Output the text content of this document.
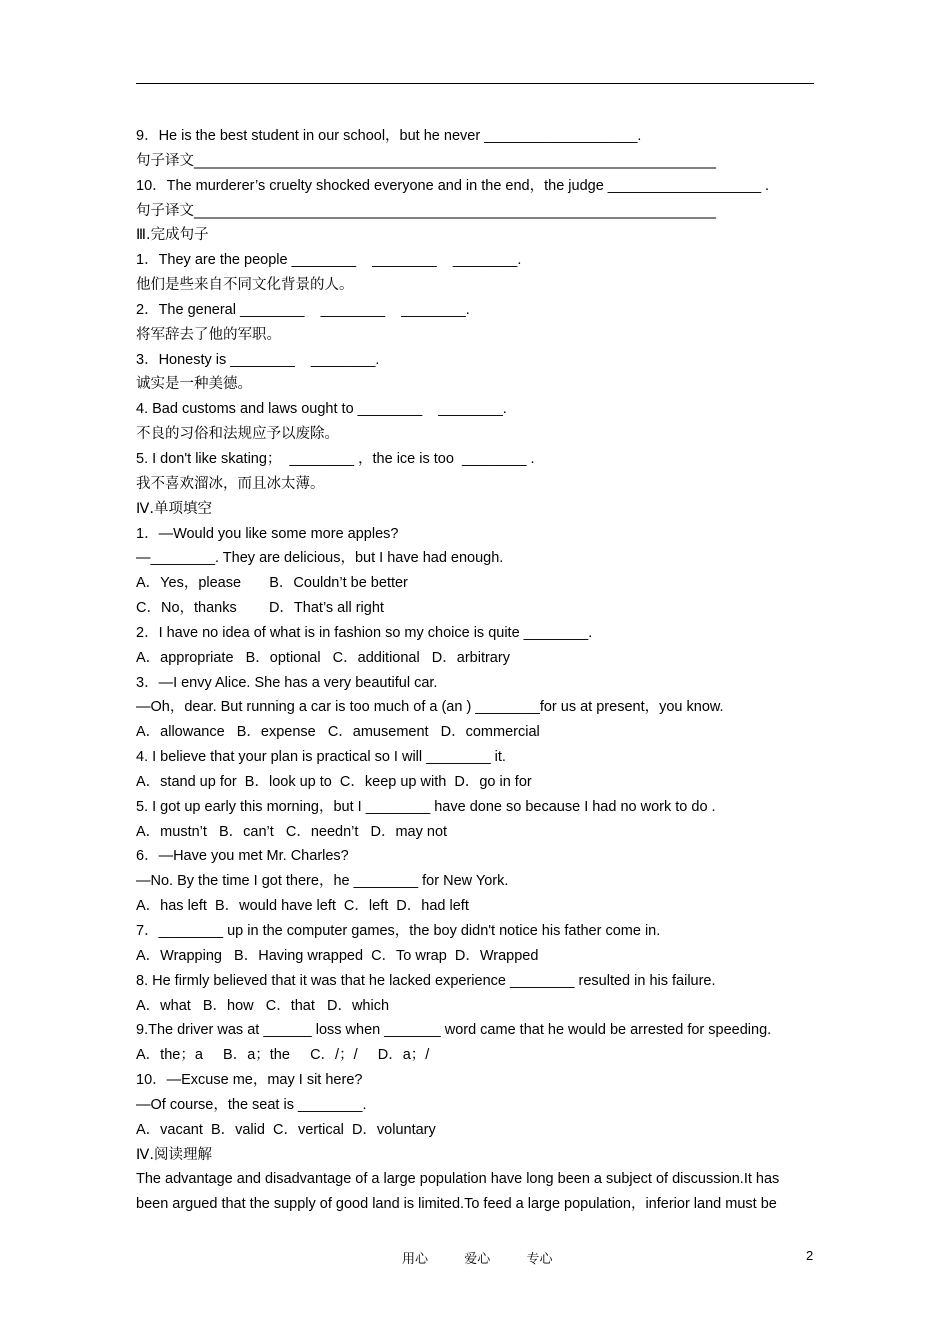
9．He is the best student in our school，but he never ___________________.
句子译文________________________________________________________________________
10．The murderer’s cruelty shocked everyone and in the end，the judge ___________________ .
句子译文________________________________________________________________________
Ⅲ.完成句子
1．They are the people ________    ________    ________.
他们是些来自不同文化背景的人。
2．The general ________    ________    ________.
将军辞去了他的军职。
3．Honesty is ________    ________.
诚实是一种美德。
4. Bad customs and laws ought to ________    ________.
不良的习俗和法规应予以废除。
5. I don't like skating；  ________ ，the ice is too  ________ .
我不喜欢溜冰，而且冰太薄。
Ⅳ.单项填空
1．—Would you like some more apples?
—________. They are delicious，but I have had enough.
A．Yes，please       B．Couldn’t be better
C．No，thanks        D．That’s all right
2．I have no idea of what is in fashion so my choice is quite ________.
A．appropriate   B．optional   C．additional   D．arbitrary
3．—I envy Alice. She has a very beautiful car.
—Oh，dear. But running a car is too much of a (an ) ________for us at present，you know.
A．allowance   B．expense   C．amusement   D．commercial
4. I believe that your plan is practical so I will ________ it.
A．stand up for  B．look up to  C．keep up with  D．go in for
5. I got up early this morning，but I ________ have done so because I had no work to do .
A．mustn’t   B．can’t   C．needn’t   D．may not
6．—Have you met Mr. Charles?
—No. By the time I got there，he ________ for New York.
A．has left  B．would have left  C．left  D．had left
7．________ up in the computer games，the boy didn't notice his father come in.
A．Wrapping   B．Having wrapped  C．To wrap  D．Wrapped
8. He firmly believed that it was that he lacked experience ________ resulted in his failure.
A．what   B．how   C．that   D．which
9.The driver was at ______ loss when _______ word came that he would be arrested for speeding.
A．the；a     B．a；the     C．/；/     D．a；/
10．—Excuse me，may I sit here?
—Of course，the seat is ________.
A．vacant  B．valid  C．vertical  D．voluntary
Ⅳ.阅读理解
The advantage and disadvantage of a large population have long been a subject of discussion.It has
been argued that the supply of good land is limited.To feed a large population，inferior land must be
用心  爱心  专心	2
